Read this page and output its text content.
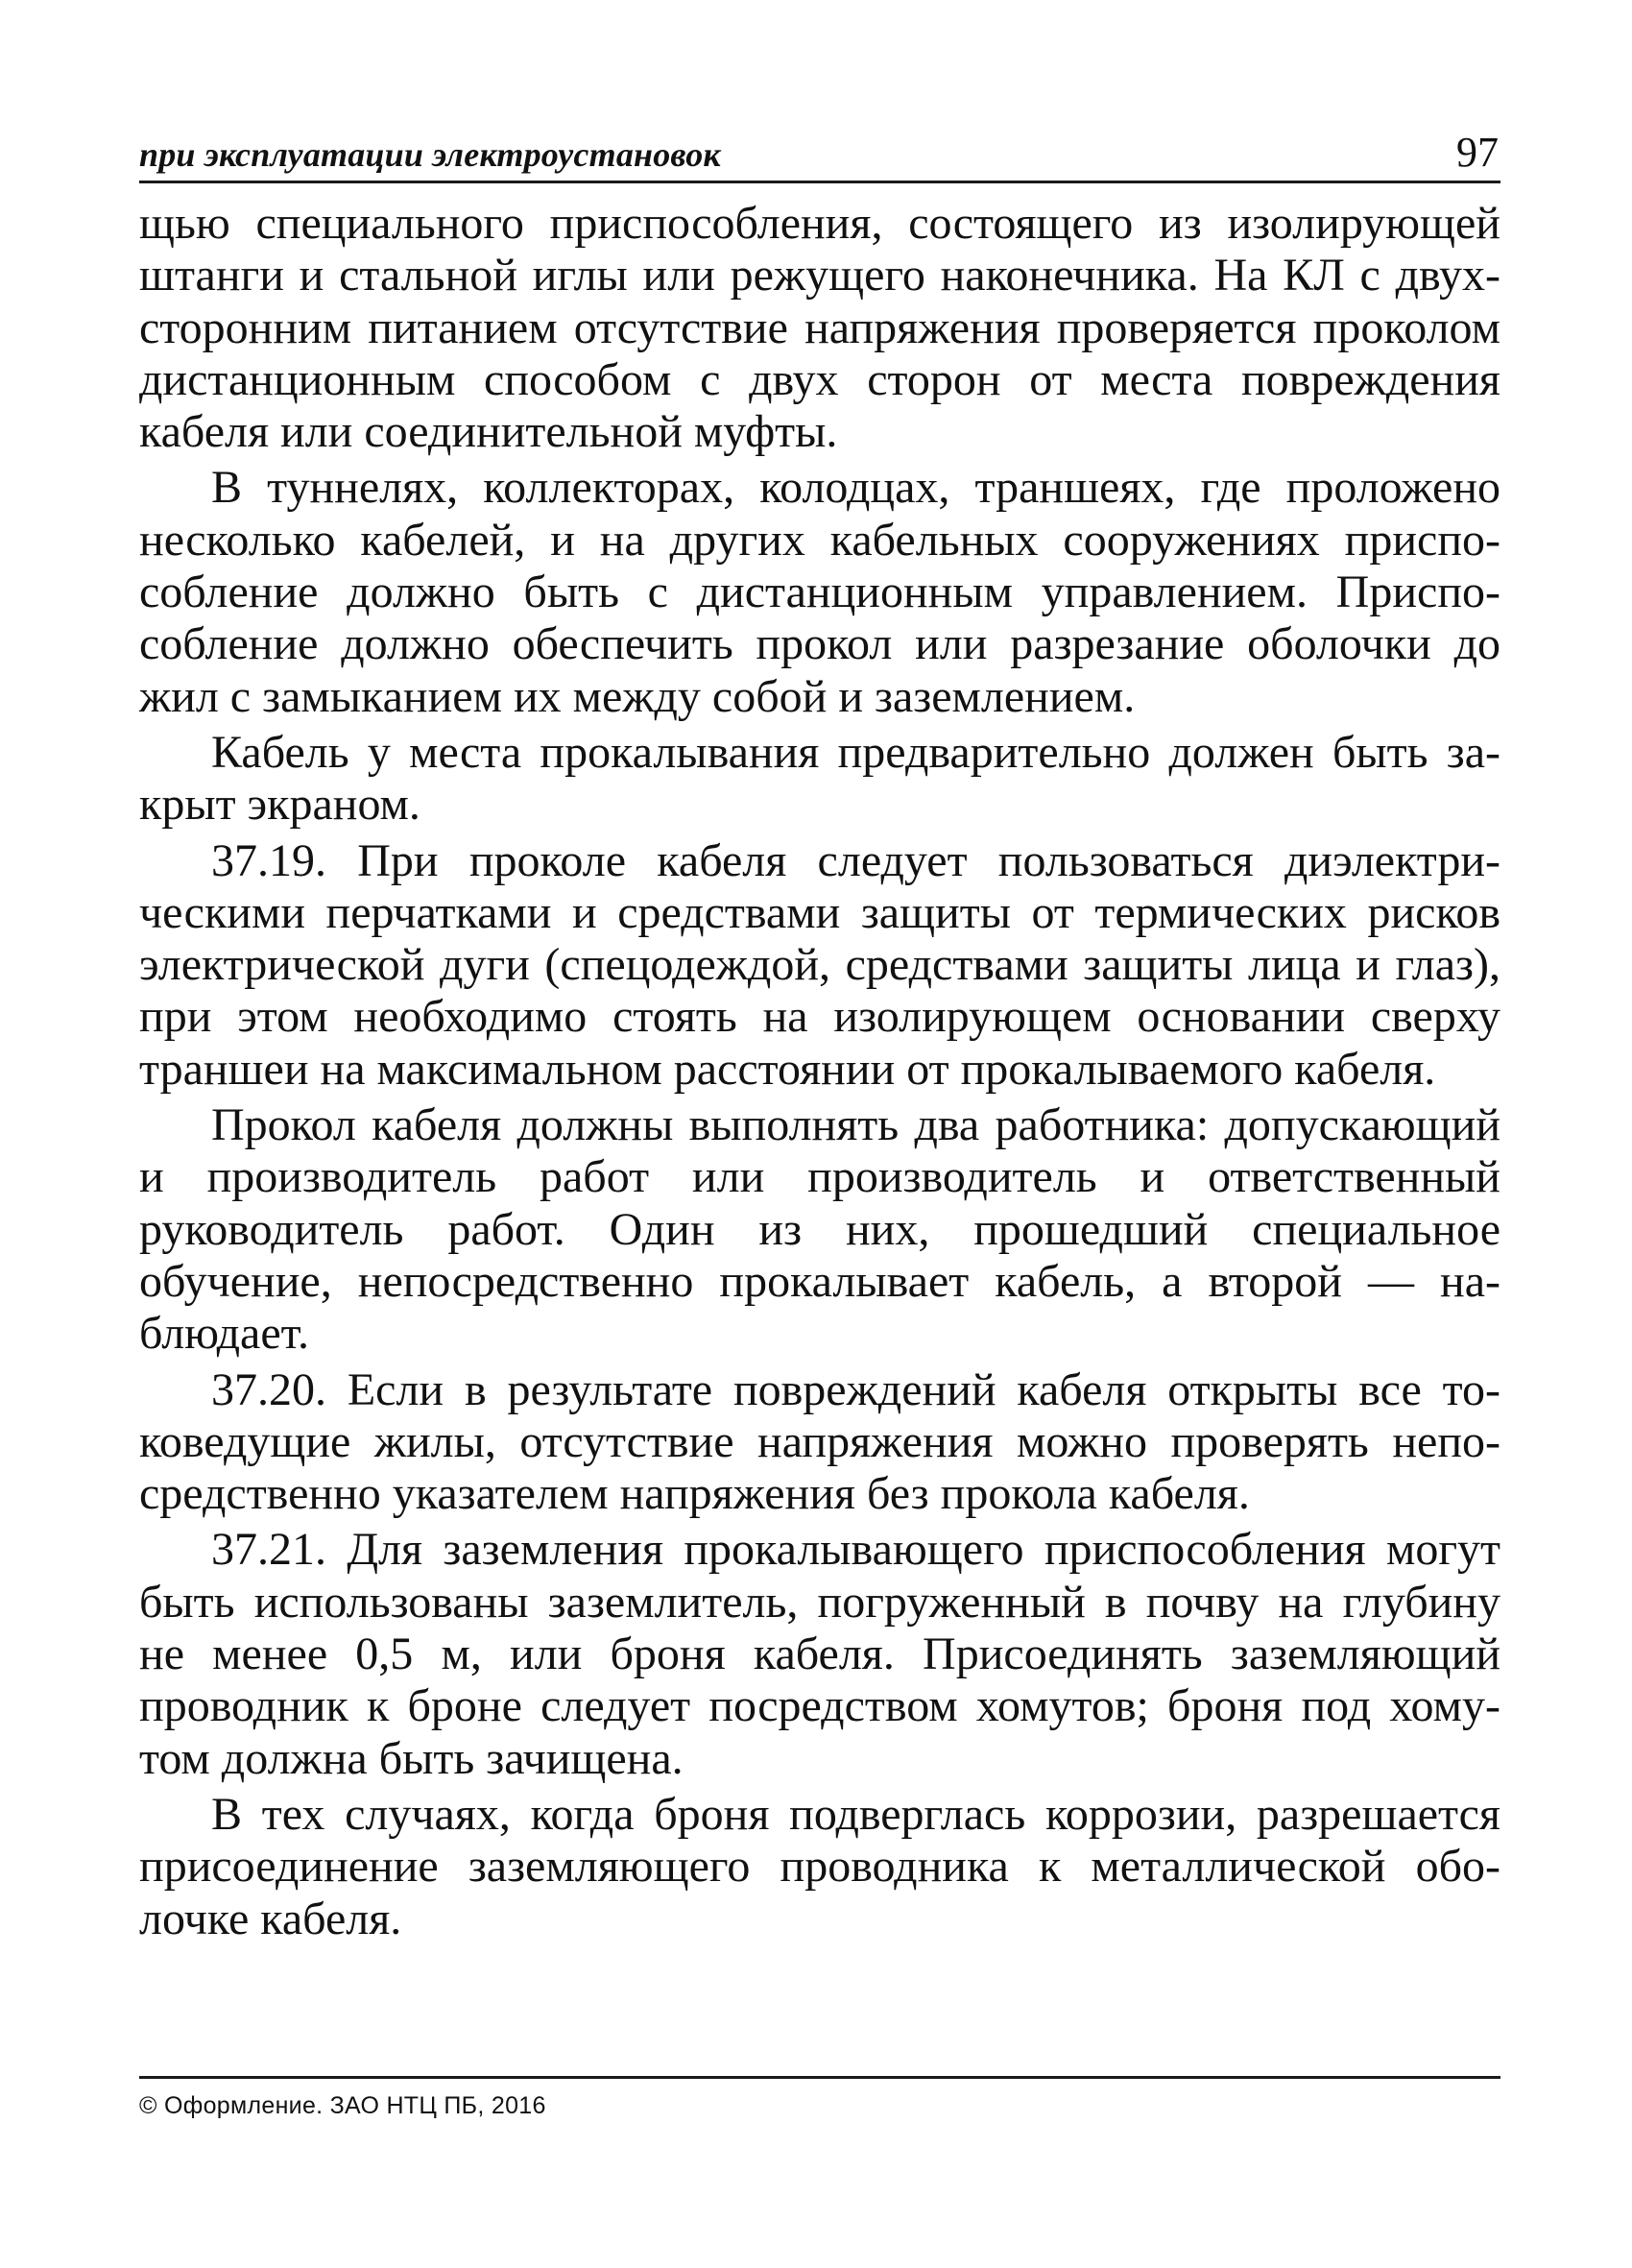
при эксплуатации электроустановок	97

щью специального приспособления, состоящего из изолирующей штанги и стальной иглы или режущего наконечника. На КЛ с двухсторонним питанием отсутствие напряжения проверяется проколом дистанционным способом с двух сторон от места повреждения кабеля или соединительной муфты.

В туннелях, коллекторах, колодцах, траншеях, где проложено несколько кабелей, и на других кабельных сооружениях приспособление должно быть с дистанционным управлением. Приспособление должно обеспечить прокол или разрезание оболочки до жил с замыканием их между собой и заземлением.

Кабель у места прокалывания предварительно должен быть закрыт экраном.

37.19. При проколе кабеля следует пользоваться диэлектрическими перчатками и средствами защиты от термических рисков электрической дуги (спецодеждой, средствами защиты лица и глаз), при этом необходимо стоять на изолирующем основании сверху траншеи на максимальном расстоянии от прокалываемого кабеля.

Прокол кабеля должны выполнять два работника: допускающий и производитель работ или производитель и ответственный руководитель работ. Один из них, прошедший специальное обучение, непосредственно прокалывает кабель, а второй — наблюдает.

37.20. Если в результате повреждений кабеля открыты все токоведущие жилы, отсутствие напряжения можно проверять непосредственно указателем напряжения без прокола кабеля.

37.21. Для заземления прокалывающего приспособления могут быть использованы заземлитель, погруженный в почву на глубину не менее 0,5 м, или броня кабеля. Присоединять заземляющий проводник к броне следует посредством хомутов; броня под хомутом должна быть зачищена.

В тех случаях, когда броня подверглась коррозии, разрешается присоединение заземляющего проводника к металлической оболочке кабеля.

© Оформление. ЗАО НТЦ ПБ, 2016
